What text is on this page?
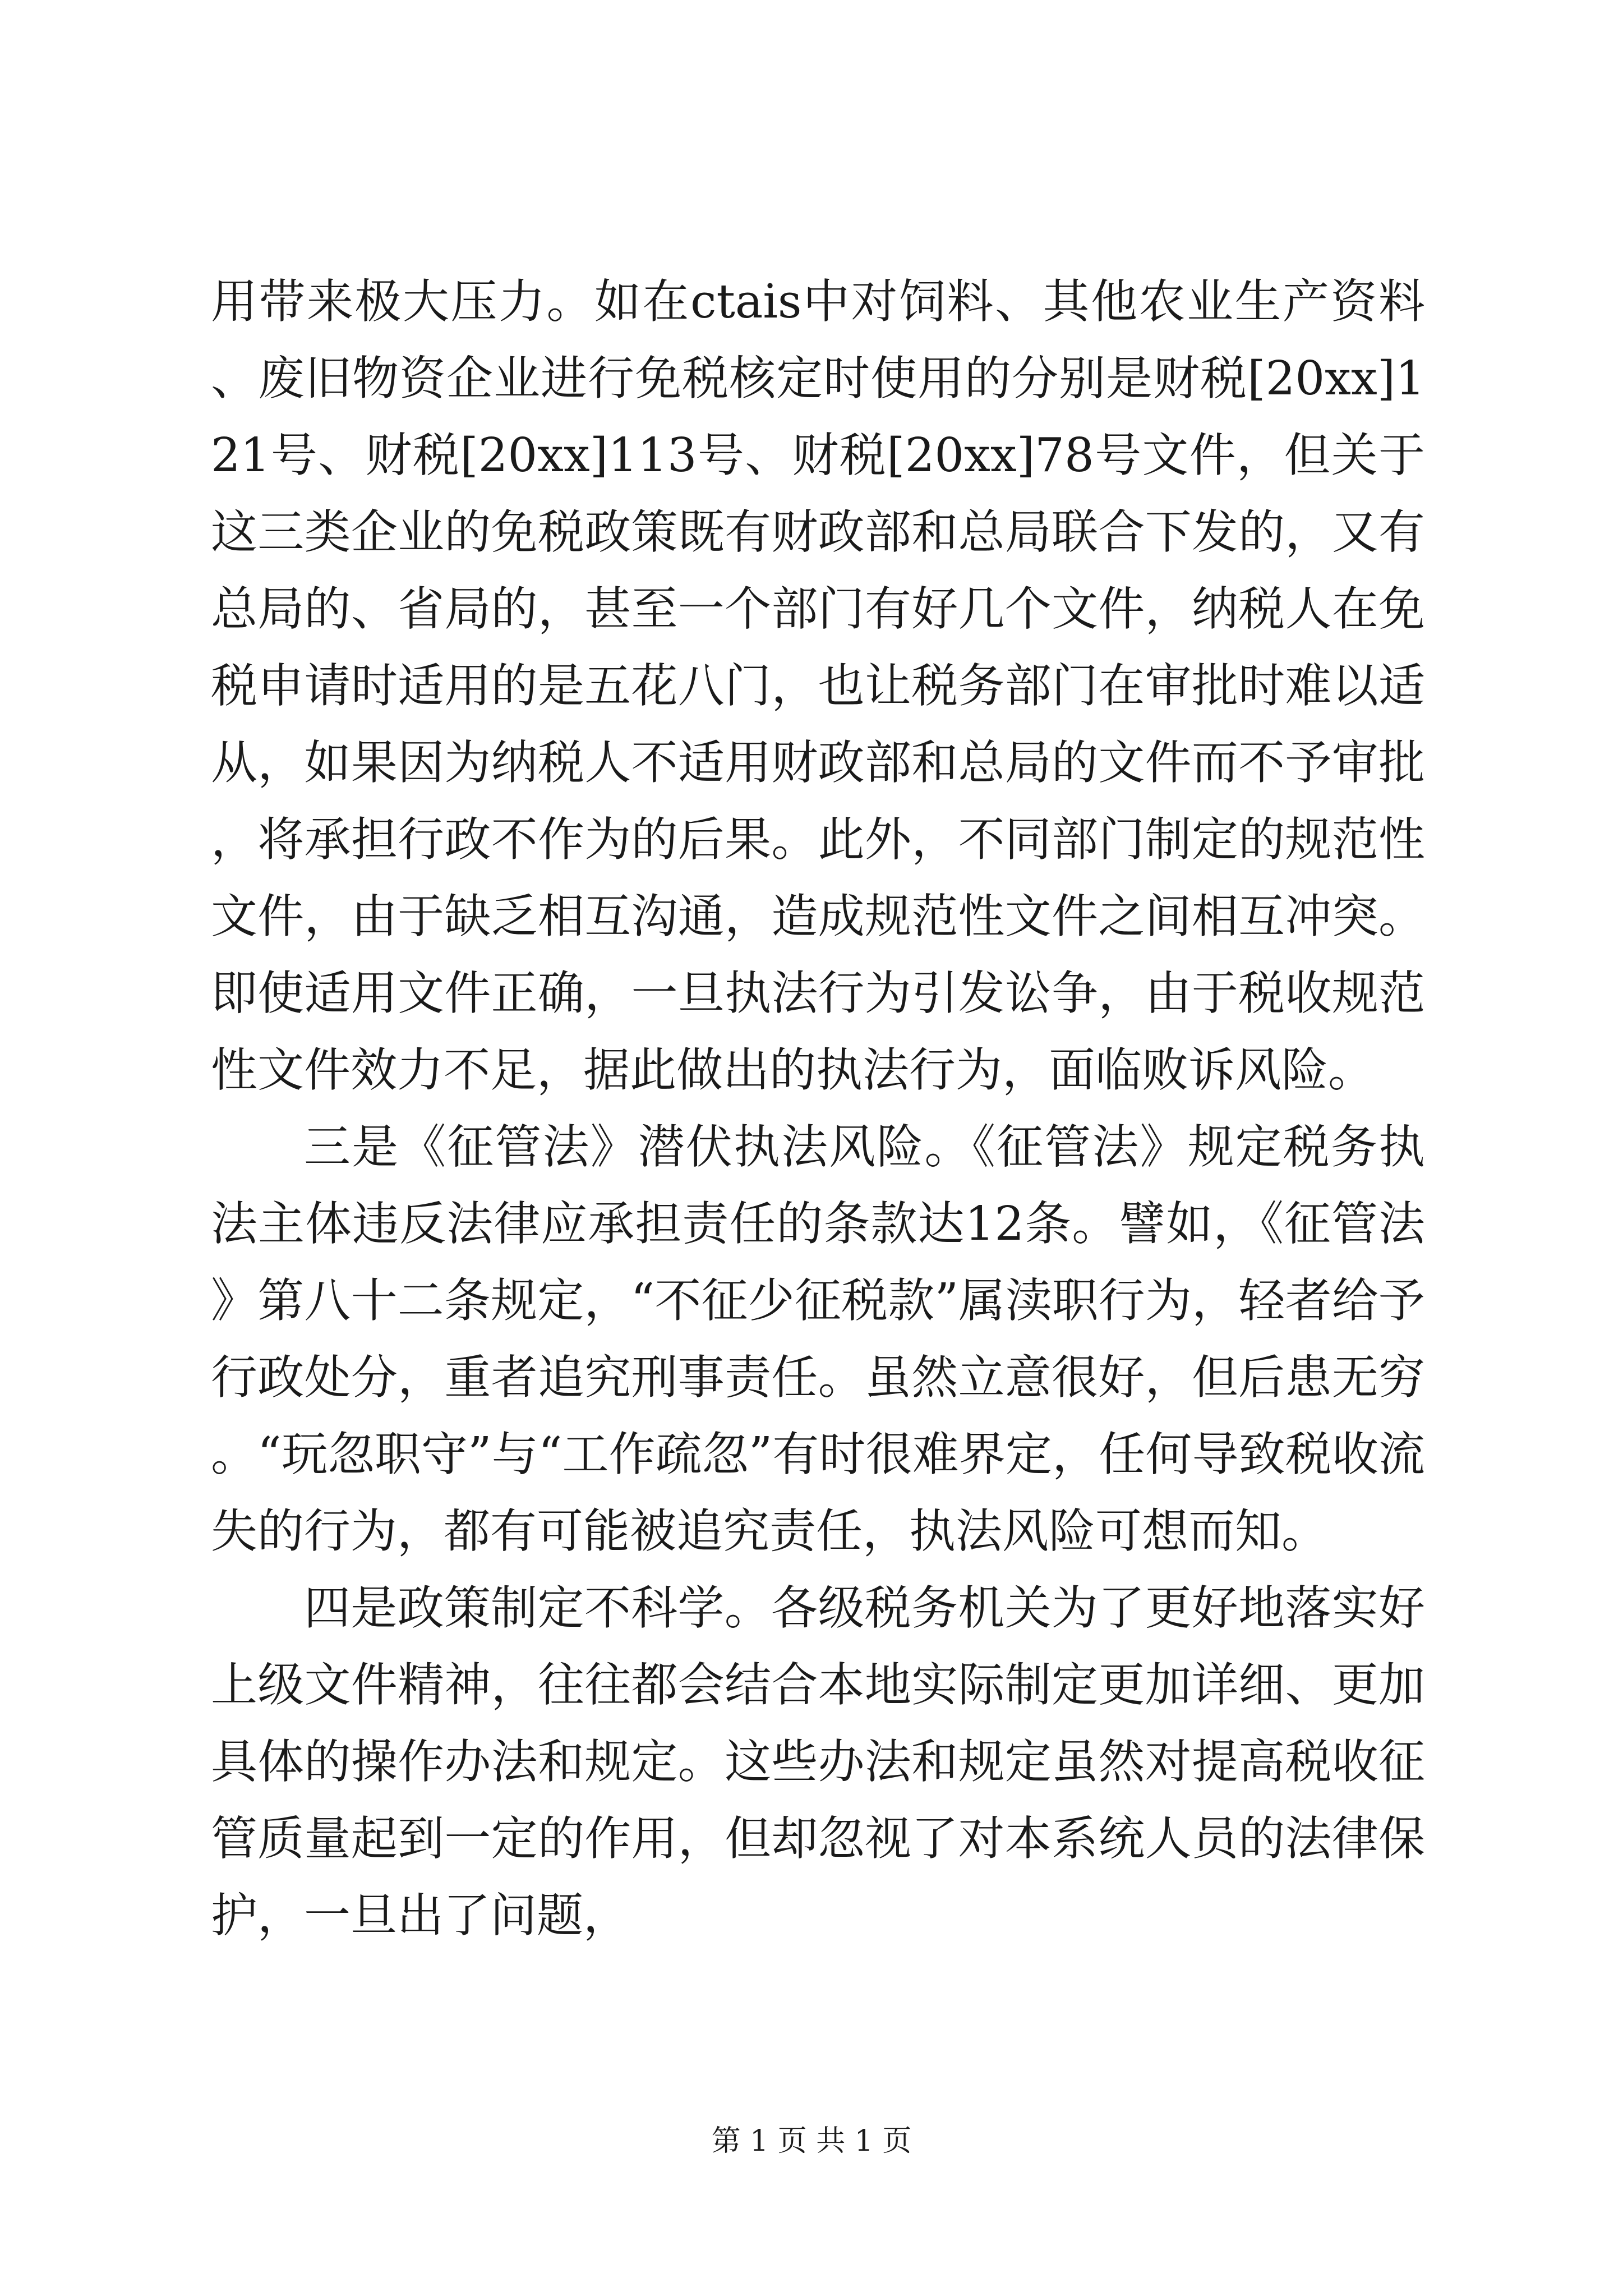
用带来极大压力。如在ctais中对饲料、其他农业生产资料、废旧物资企业进行免税核定时使用的分别是财税[20xx]121号、财税[20xx]113号、财税[20xx]78号文件，但关于这三类企业的免税政策既有财政部和总局联合下发的，又有总局的、省局的，甚至一个部门有好几个文件，纳税人在免税申请时适用的是五花八门，也让税务部门在审批时难以适从，如果因为纳税人不适用财政部和总局的文件而不予审批，将承担行政不作为的后果。此外，不同部门制定的规范性文件，由于缺乏相互沟通，造成规范性文件之间相互冲突。即使适用文件正确，一旦执法行为引发讼争，由于税收规范性文件效力不足，据此做出的执法行为，面临败诉风险。

三是《征管法》潜伏执法风险。《征管法》规定税务执法主体违反法律应承担责任的条款达12条。譬如，《征管法》第八十二条规定，“不征少征税款”属渎职行为，轻者给予行政处分，重者追究刑事责任。虽然立意很好，但后患无穷。“玩忽职守”与“工作疏忽”有时很难界定，任何导致税收流失的行为，都有可能被追究责任，执法风险可想而知。

四是政策制定不科学。各级税务机关为了更好地落实好上级文件精神，往往都会结合本地实际制定更加详细、更加具体的操作办法和规定。这些办法和规定虽然对提高税收征管质量起到一定的作用，但却忽视了对本系统人员的法律保护，一旦出了问题，

第 1 页 共 1 页
